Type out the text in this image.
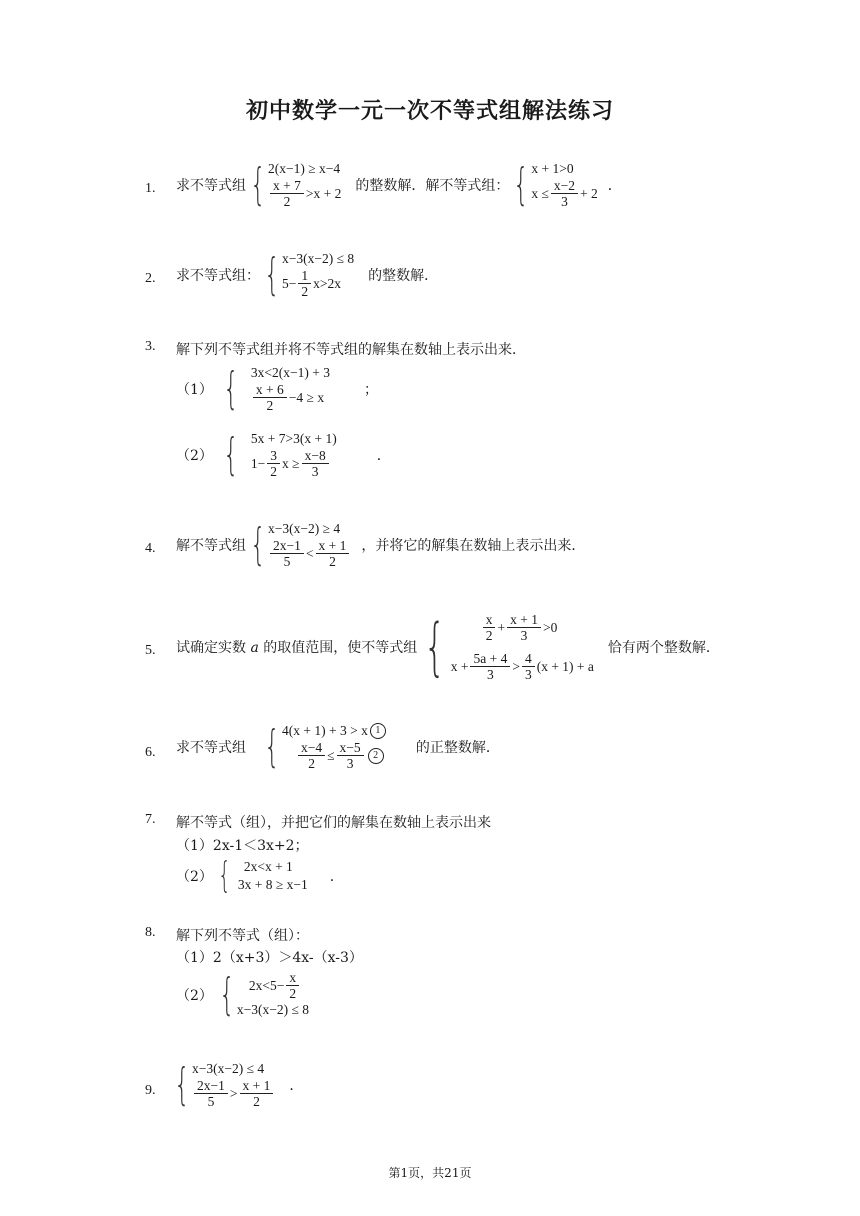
初中数学一元一次不等式组解法练习
1. 求不等式组 { 2(x−1) ≥ x−4
$\frac{x + 7}{2} >x + 2$ 的整数解．解不等式组： { x + 1>0
$x \le \frac{x-2}{3} + 2$ ．
2. 求不等式组： { x−3(x−2) ≤ 8
$5- \frac{1}{2} x>2x$ 的整数解．
3. 解下列不等式组并将不等式组的解集在数轴上表示出来．
（1） { 3x<2(x−1) + 3
$\frac{x + 6}{2} -4 \ge x$	；
（2） { 5x + 7>3(x + 1)
$1- \frac{3}{2}$ $x \ge \frac{x-8}{3}$	．
4. 解不等式组 { x−3(x−2) ≥ 4
$\frac{2x-1}{5} < \frac{x + 1}{2}$ ，并将它的解集在数轴上表示出来．
5. 试确定实数 a 的取值范围，使不等式组 {	$\frac{x}{2} + \frac{x + 1}{3} >0$
$x + \frac{5a + 4}{3} > \frac{4}{3} (x + 1) + a$
恰有两个整数解．
6. 求不等式组 { 4(x + 1) + 3 > x 1
$\frac{x-4}{2} \le \frac{x-5}{3} 2$	的正整数解．
7. 解不等式（组），并把它们的解集在数轴上表示出来
（1）2x-1＜3x+2；
（2） { 2x<x + 1
3x + 8 ≥ x−1 ．
8. 解下列不等式（组）：
（1）2（x+3）＞4x-（x-3）
（2） { $2x<5- \frac{x}{2}$
x−3(x−2) ≤ 8
9. { x−3(x−2) ≤ 4
$\frac{2x-1}{5} > \frac{x + 1}{2}$ ．
第1页，共21页
